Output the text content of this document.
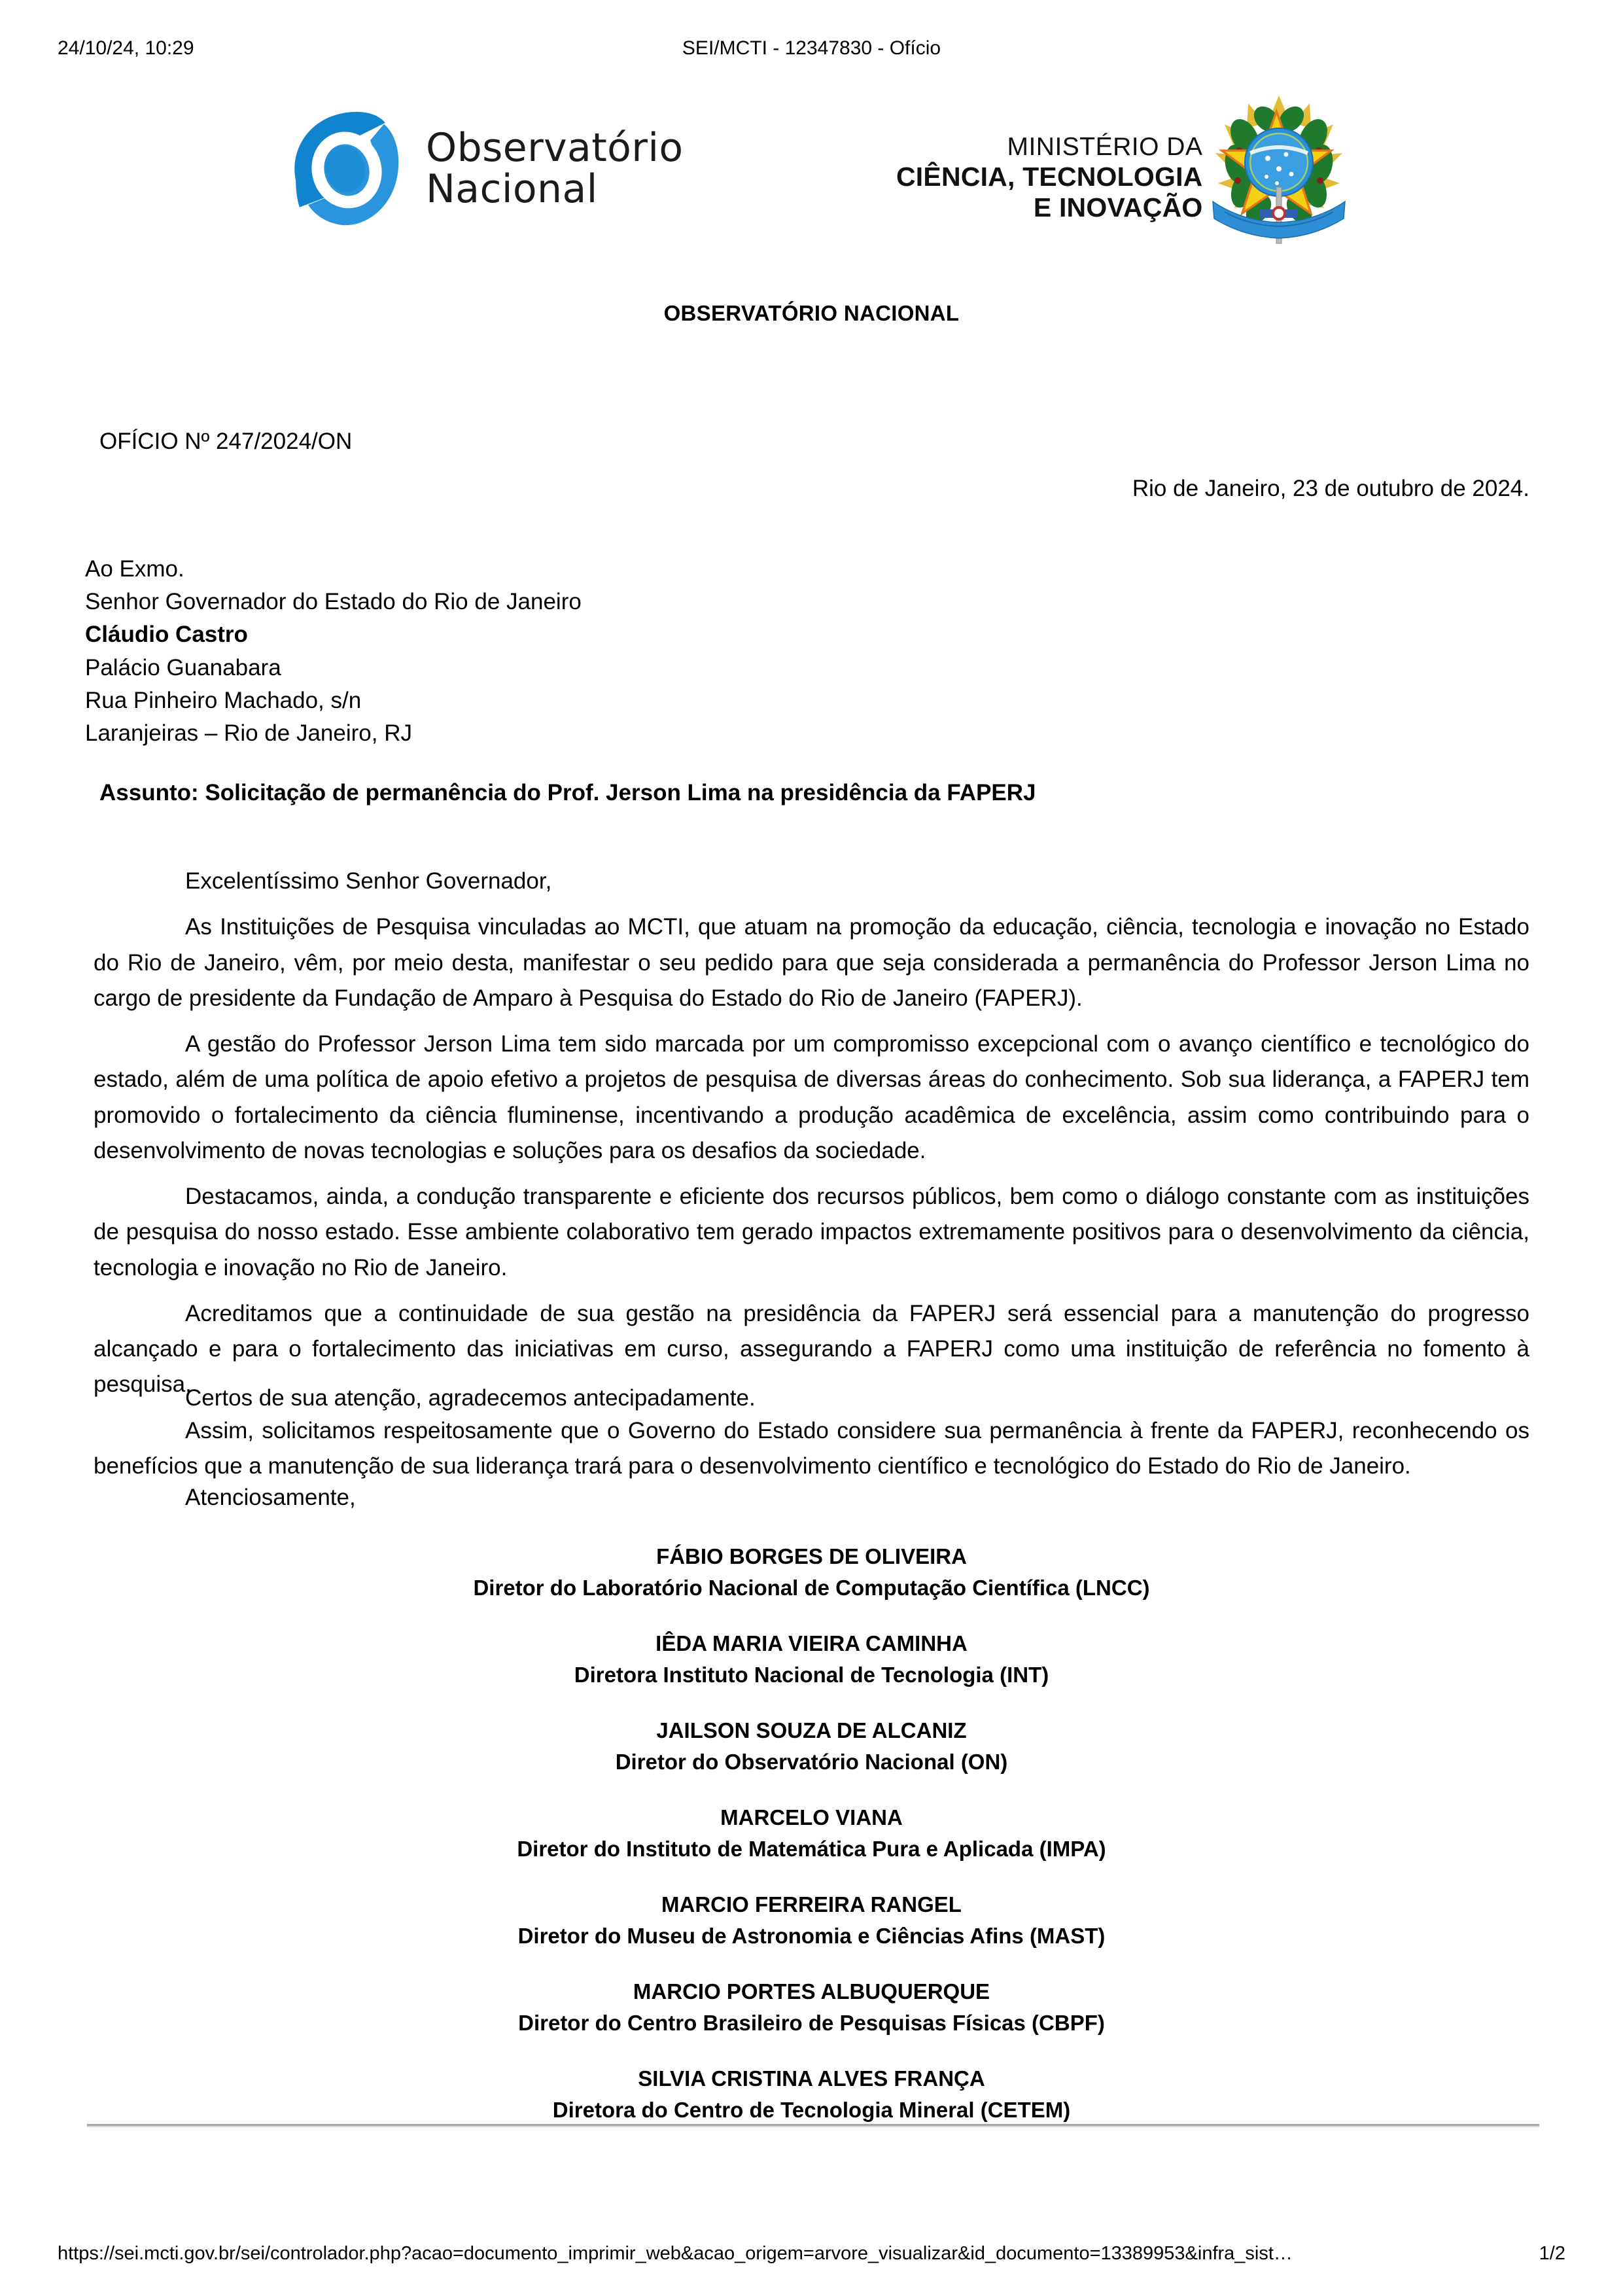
24/10/24, 10:29	SEI/MCTI - 12347830 - Ofício
Observatório
Nacional
MINISTÉRIO DA
CIÊNCIA, TECNOLOGIA
E INOVAÇÃO
OBSERVATÓRIO NACIONAL
OFÍCIO Nº 247/2024/ON
Rio de Janeiro, 23 de outubro de 2024.
Ao Exmo.
Senhor Governador do Estado do Rio de Janeiro
Cláudio Castro
Palácio Guanabara
Rua Pinheiro Machado, s/n
Laranjeiras – Rio de Janeiro, RJ
Assunto: Solicitação de permanência do Prof. Jerson Lima na presidência da FAPERJ

Excelentíssimo Senhor Governador,

As Instituições de Pesquisa vinculadas ao MCTI, que atuam na promoção da educação, ciência, tecnologia e inovação no Estado do Rio de Janeiro, vêm, por meio desta, manifestar o seu pedido para que seja considerada a permanência do Professor Jerson Lima no cargo de presidente da Fundação de Amparo à Pesquisa do Estado do Rio de Janeiro (FAPERJ).

A gestão do Professor Jerson Lima tem sido marcada por um compromisso excepcional com o avanço científico e tecnológico do estado, além de uma política de apoio efetivo a projetos de pesquisa de diversas áreas do conhecimento. Sob sua liderança, a FAPERJ tem promovido o fortalecimento da ciência fluminense, incentivando a produção acadêmica de excelência, assim como contribuindo para o desenvolvimento de novas tecnologias e soluções para os desafios da sociedade.

Destacamos, ainda, a condução transparente e eficiente dos recursos públicos, bem como o diálogo constante com as instituições de pesquisa do nosso estado. Esse ambiente colaborativo tem gerado impactos extremamente positivos para o desenvolvimento da ciência, tecnologia e inovação no Rio de Janeiro.

Acreditamos que a continuidade de sua gestão na presidência da FAPERJ será essencial para a manutenção do progresso alcançado e para o fortalecimento das iniciativas em curso, assegurando a FAPERJ como uma instituição de referência no fomento à pesquisa.

Assim, solicitamos respeitosamente que o Governo do Estado considere sua permanência à frente da FAPERJ, reconhecendo os benefícios que a manutenção de sua liderança trará para o desenvolvimento científico e tecnológico do Estado do Rio de Janeiro.

Certos de sua atenção, agradecemos antecipadamente.

Atenciosamente,

FÁBIO BORGES DE OLIVEIRA
Diretor do Laboratório Nacional de Computação Científica (LNCC)
IÊDA MARIA VIEIRA CAMINHA
Diretora Instituto Nacional de Tecnologia (INT)
JAILSON SOUZA DE ALCANIZ
Diretor do Observatório Nacional (ON)
MARCELO VIANA
Diretor do Instituto de Matemática Pura e Aplicada (IMPA)
MARCIO FERREIRA RANGEL
Diretor do Museu de Astronomia e Ciências Afins (MAST)
MARCIO PORTES ALBUQUERQUE
Diretor do Centro Brasileiro de Pesquisas Físicas (CBPF)
SILVIA CRISTINA ALVES FRANÇA
Diretora do Centro de Tecnologia Mineral (CETEM)
https://sei.mcti.gov.br/sei/controlador.php?acao=documento_imprimir_web&acao_origem=arvore_visualizar&id_documento=13389953&infra_sist…	1/2
